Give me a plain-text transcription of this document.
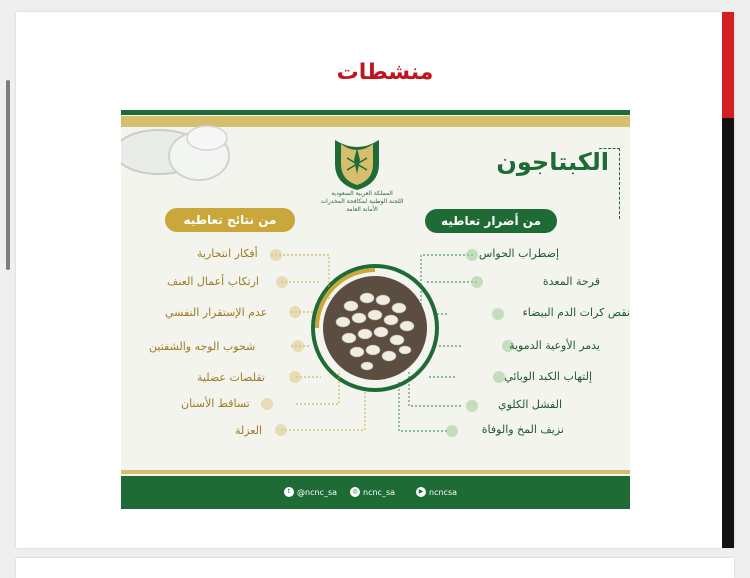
منشطات
المملكة العربية السعودية
اللجنة الوطنية لمكافحة المخدرات
الأمانة العامة
الكبتاجون
من أضرار تعاطيه
من نتائج تعاطيه
إضطراب الحواس
قرحة المعدة
نقص كرات الدم البيضاء
يدمر الأوعية الدموية
إلتهاب الكبد الوبائي
الفشل الكلوي
نزيف المخ والوفاة
أفكار انتحارية
ارتكاب أعمال العنف
عدم الإستقرار النفسي
شحوب الوجه والشفتين
تقلصات عضلية
تساقط الأسنان
العزلة
t @ncnc_sa	◎ ncnc_sa	▶ ncncsa
